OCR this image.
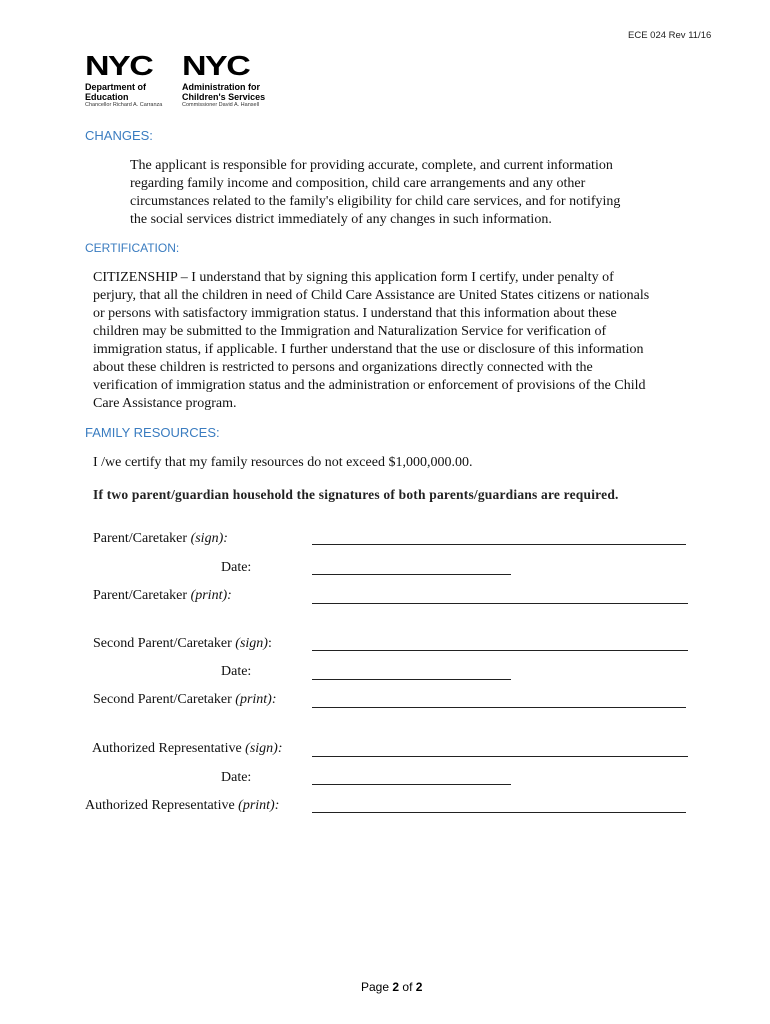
ECE 024 Rev 11/16
NYC
Department of
Education
Chancellor Richard A. Carranza
NYC
Administration for
Children's Services
Commissioner David A. Hansell
CHANGES:

The applicant is responsible for providing accurate, complete, and current information

regarding family income and composition, child care arrangements and any other

circumstances related to the family's eligibility for child care services, and for notifying

the social services district immediately of any changes in such information.

CERTIFICATION:

CITIZENSHIP – I understand that by signing this application form I certify, under penalty of

perjury, that all the children in need of Child Care Assistance are United States citizens or nationals

or persons with satisfactory immigration status. I understand that this information about these

children may be submitted to the Immigration and Naturalization Service for verification of

immigration status, if applicable. I further understand that the use or disclosure of this information

about these children is restricted to persons and organizations directly connected with the

verification of immigration status and the administration or enforcement of provisions of the Child

Care Assistance program.

FAMILY RESOURCES:
I /we certify that my family resources do not exceed $1,000,000.00.
If two parent/guardian household the signatures of both parents/guardians are required.
Parent/Caretaker (sign):
Date:
Parent/Caretaker (print):
Second Parent/Caretaker (sign):
Date:
Second Parent/Caretaker (print):
Authorized Representative (sign):
Date:
Authorized Representative (print):
Page 2 of 2
